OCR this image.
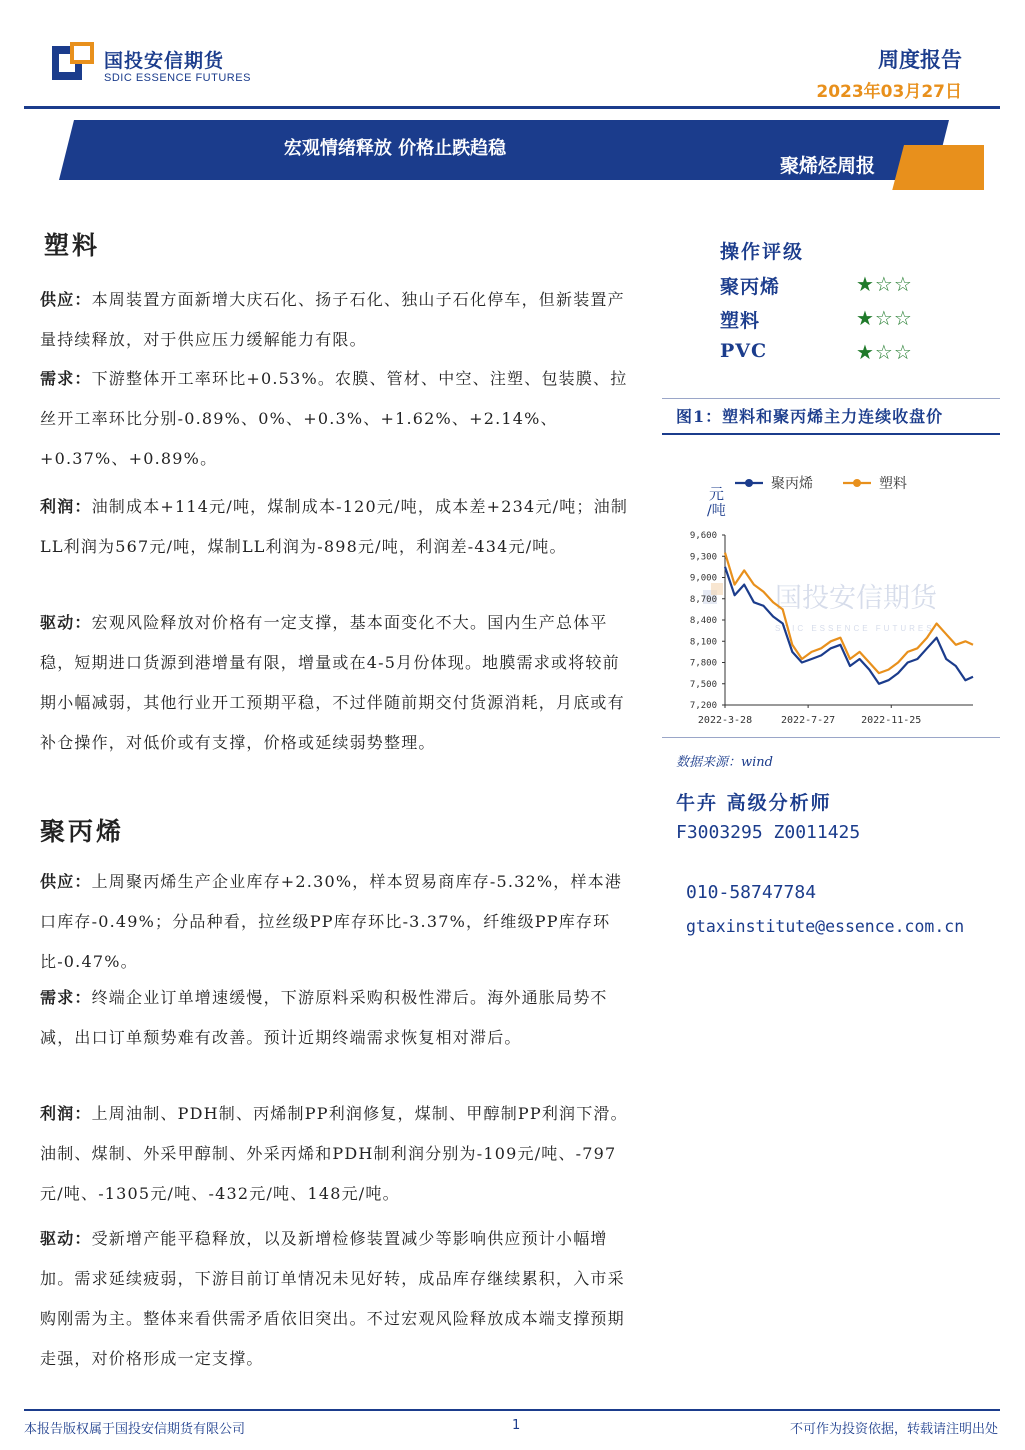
国投安信期货
SDIC ESSENCE FUTURES
周度报告
2023年03月27日
宏观情绪释放 价格止跌趋稳
聚烯烃周报
塑料
供应：本周装置方面新增大庆石化、扬子石化、独山子石化停车，但新装置产量持续释放，对于供应压力缓解能力有限。
需求：下游整体开工率环比+0.53%。农膜、管材、中空、注塑、包装膜、拉丝开工率环比分别-0.89%、0%、+0.3%、+1.62%、+2.14%、+0.37%、+0.89%。
利润：油制成本+114元/吨，煤制成本-120元/吨，成本差+234元/吨；油制LL利润为567元/吨，煤制LL利润为-898元/吨，利润差-434元/吨。
驱动：宏观风险释放对价格有一定支撑，基本面变化不大。国内生产总体平稳，短期进口货源到港增量有限，增量或在4-5月份体现。地膜需求或将较前期小幅减弱，其他行业开工预期平稳，不过伴随前期交付货源消耗，月底或有补仓操作，对低价或有支撑，价格或延续弱势整理。
聚丙烯
供应：上周聚丙烯生产企业库存+2.30%，样本贸易商库存-5.32%，样本港口库存-0.49%；分品种看，拉丝级PP库存环比-3.37%，纤维级PP库存环比-0.47%。
需求：终端企业订单增速缓慢，下游原料采购积极性滞后。海外通胀局势不减，出口订单颓势难有改善。预计近期终端需求恢复相对滞后。
利润：上周油制、PDH制、丙烯制PP利润修复，煤制、甲醇制PP利润下滑。油制、煤制、外采甲醇制、外采丙烯和PDH制利润分别为-109元/吨、-797元/吨、-1305元/吨、-432元/吨、148元/吨。
驱动：受新增产能平稳释放，以及新增检修装置减少等影响供应预计小幅增加。需求延续疲弱，下游目前订单情况未见好转，成品库存继续累积，入市采购刚需为主。整体来看供需矛盾依旧突出。不过宏观风险释放成本端支撑预期走强，对价格形成一定支撑。
操作评级
聚丙烯	★☆☆
塑料	★☆☆
PVC	★☆☆
图1：塑料和聚丙烯主力连续收盘价
国投安信期货
SDIC ESSENCE FUTURES
聚丙烯	塑料
元
/吨
7,200
7,500
7,800
8,100
8,400
8,700
9,000
9,300
9,600
2022-3-28	2022-7-27	2022-11-25
数据来源：wind
牛卉 高级分析师
F3003295 Z0011425
010-58747784
gtaxinstitute@essence.com.cn
本报告版权属于国投安信期货有限公司	1	不可作为投资依据，转载请注明出处
